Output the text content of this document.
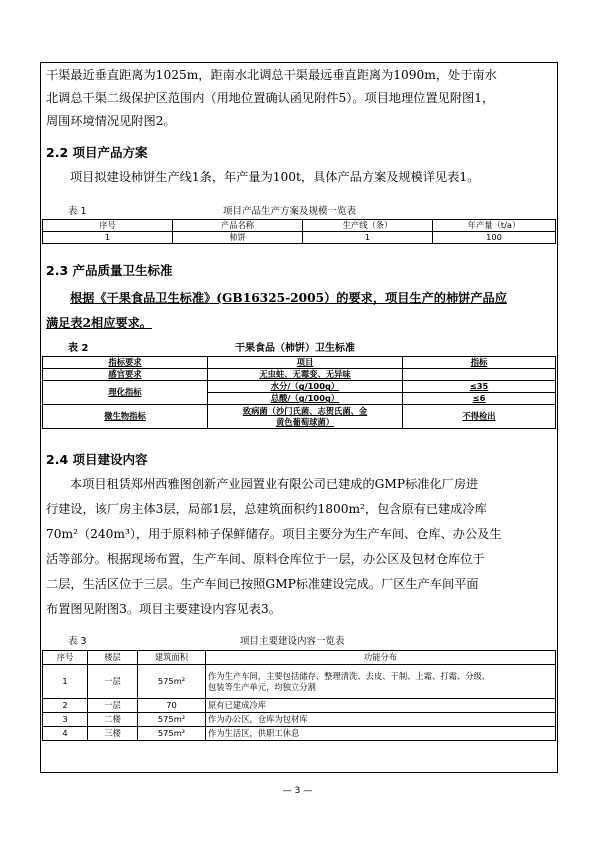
干渠最近垂直距离为1025m，距南水北调总干渠最远垂直距离为1090m，处于南水
北调总干渠二级保护区范围内（用地位置确认函见附件5）。项目地理位置见附图1，
周围环境情况见附图2。
2.2 项目产品方案
项目拟建设柿饼生产线1条，年产量为100t，具体产品方案及规模详见表1。
表 1	项目产品生产方案及规模一览表
序号	产品名称	生产线（条）	年产量（t/a）
1	柿饼	1	100
2.3 产品质量卫生标准
根据《干果食品卫生标准》(GB16325-2005）的要求，项目生产的柿饼产品应
满足表2相应要求。
表 2	干果食品（柿饼）卫生标准
指标要求	项目	指标
感官要求	无虫蛀、无霉变、无异味	
理化指标	水分/（g/100g）	≤35
	总酸/（g/100g）	≤6
微生物指标	致病菌（沙门氏菌、志贺氏菌、金
黄色葡萄球菌）	不得检出
2.4 项目建设内容
本项目租赁郑州西雅图创新产业园置业有限公司已建成的GMP标准化厂房进
行建设，该厂房主体3层，局部1层，总建筑面积约1800m²，包含原有已建成冷库
70m²（240m³），用于原料柿子保鲜储存。项目主要分为生产车间、仓库、办公及生
活等部分。根据现场布置，生产车间、原料仓库位于一层，办公区及包材仓库位于
二层，生活区位于三层。生产车间已按照GMP标准建设完成。厂区生产车间平面
布置图见附图3。项目主要建设内容见表3。
表 3	项目主要建设内容一览表
序号	楼层	建筑面积	功能分布
1	一层	575m²	作为生产车间，主要包括储存、整理清洗、去皮、干制、上霜、打霜、分级、
包装等生产单元，均独立分割
2	一层	70	原有已建成冷库
3	二楼	575m²	作为办公区，仓库为包材库
4	三楼	575m²	作为生活区，供职工休息
— 3 —
